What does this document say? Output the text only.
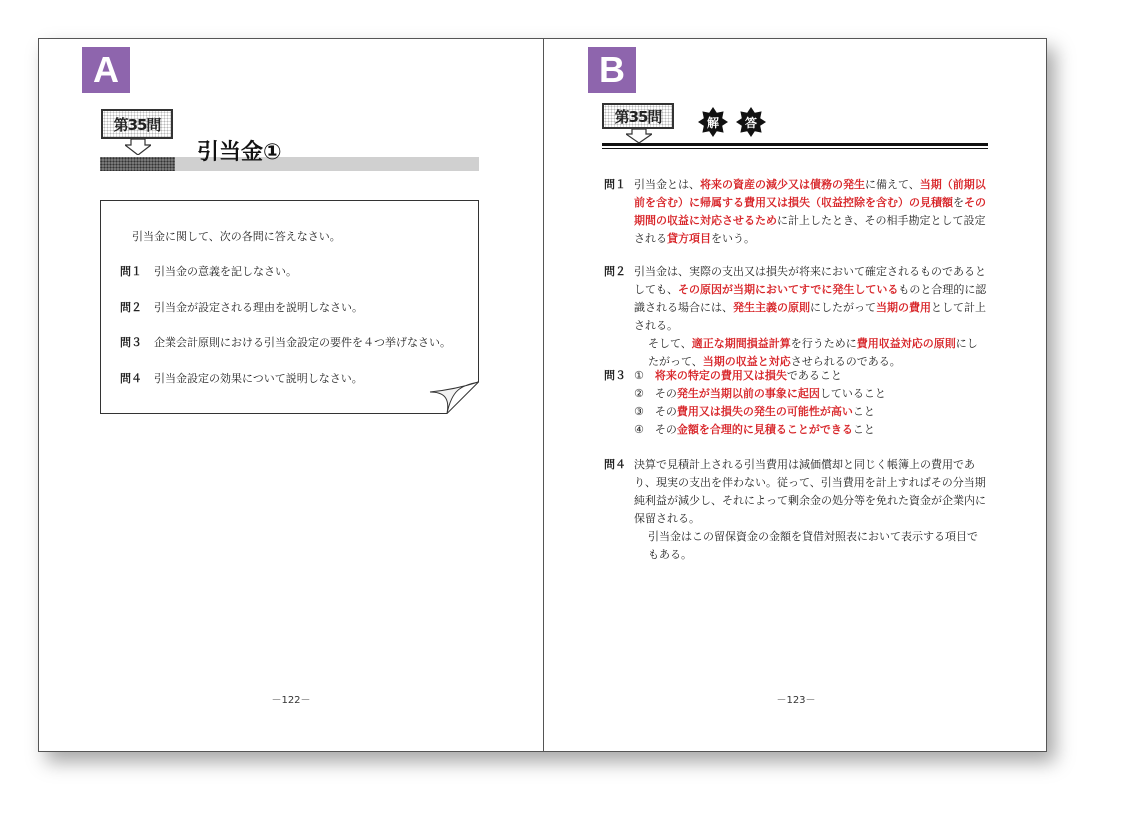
A
第35問
引当金①
引当金に関して、次の各問に答えなさい。
問１ 引当金の意義を記しなさい。
問２ 引当金が設定される理由を説明しなさい。
問３ 企業会計原則における引当金設定の要件を４つ挙げなさい。
問４ 引当金設定の効果について説明しなさい。
－122－
B
第35問	解	答
問１ 引当金とは、将来の資産の減少又は債務の発生に備えて、当期（前期以前を含む）に帰属する費用又は損失（収益控除を含む）の見積額をその期間の収益に対応させるために計上したとき、その相手勘定として設定される貸方項目をいう。
問２ 引当金は、実際の支出又は損失が将来において確定されるものであるとしても、その原因が当期においてすでに発生しているものと合理的に認識される場合には、発生主義の原則にしたがって当期の費用として計上される。
そして、適正な期間損益計算を行うために費用収益対応の原則にしたがって、当期の収益と対応させられるのである。
問３ ①　将来の特定の費用又は損失であること
②　その発生が当期以前の事象に起因していること
③　その費用又は損失の発生の可能性が高いこと
④　その金額を合理的に見積ることができること
問４ 決算で見積計上される引当費用は減価償却と同じく帳簿上の費用であり、現実の支出を伴わない。従って、引当費用を計上すればその分当期純利益が減少し、それによって剰余金の処分等を免れた資金が企業内に保留される。
引当金はこの留保資金の金額を貸借対照表において表示する項目でもある。
－123－
